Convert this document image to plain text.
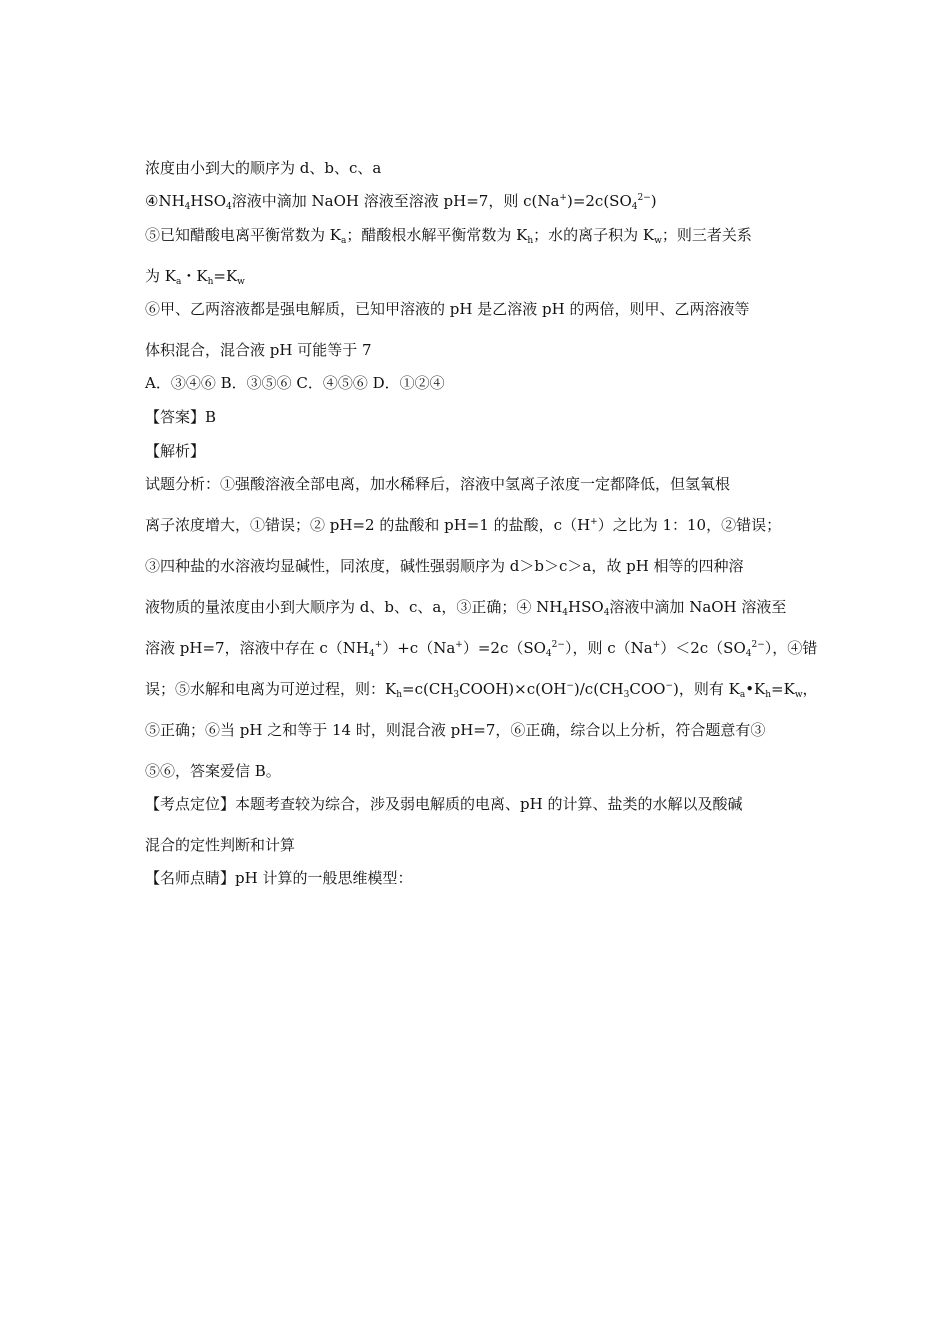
浓度由小到大的顺序为 d、b、c、a
$④NH_4HSO_4$溶液中滴加 NaOH 溶液至溶液 pH=7，则 $c(Na^+)=2c(SO_4^{2-})$
⑤已知醋酸电离平衡常数为 $K_a$；醋酸根水解平衡常数为 $K_h$；水的离子积为 $K_w$；则三者关系
为 $K_a$・$K_h=K_w$
⑥甲、乙两溶液都是强电解质，已知甲溶液的 pH 是乙溶液 pH 的两倍，则甲、乙两溶液等
体积混合，混合液 pH 可能等于 7
A．③④⑥ B．③⑤⑥ C．④⑤⑥ D．①②④
【答案】B
【解析】
试题分析：①强酸溶液全部电离，加水稀释后，溶液中氢离子浓度一定都降低，但氢氧根
离子浓度增大，①错误；② pH=2 的盐酸和 pH=1 的盐酸，c（H+）之比为 1：10，②错误；
③四种盐的水溶液均显碱性，同浓度，碱性强弱顺序为 d＞b＞c＞a，故 pH 相等的四种溶
液物质的量浓度由小到大顺序为 d、b、c、a，③正确；④ $NH_4HSO_4$溶液中滴加 NaOH 溶液至
溶液 pH=7，溶液中存在 $c(NH_4^+)+c(Na^+)=2c(SO_4^{2-})$，则 $c(Na^+)<2c(SO_4^{2-})$，④错
误；⑤水解和电离为可逆过程，则：$K_h=c(CH_3COOH)\times c(OH^-)/c(CH_3COO^-)$，则有 $K_a•K_h=K_w$，
⑤正确；⑥当 pH 之和等于 14 时，则混合液 pH=7，⑥正确，综合以上分析，符合题意有③
⑤⑥，答案爱信 B。
【考点定位】本题考查较为综合，涉及弱电解质的电离、pH 的计算、盐类的水解以及酸碱
混合的定性判断和计算
【名师点睛】pH 计算的一般思维模型：
